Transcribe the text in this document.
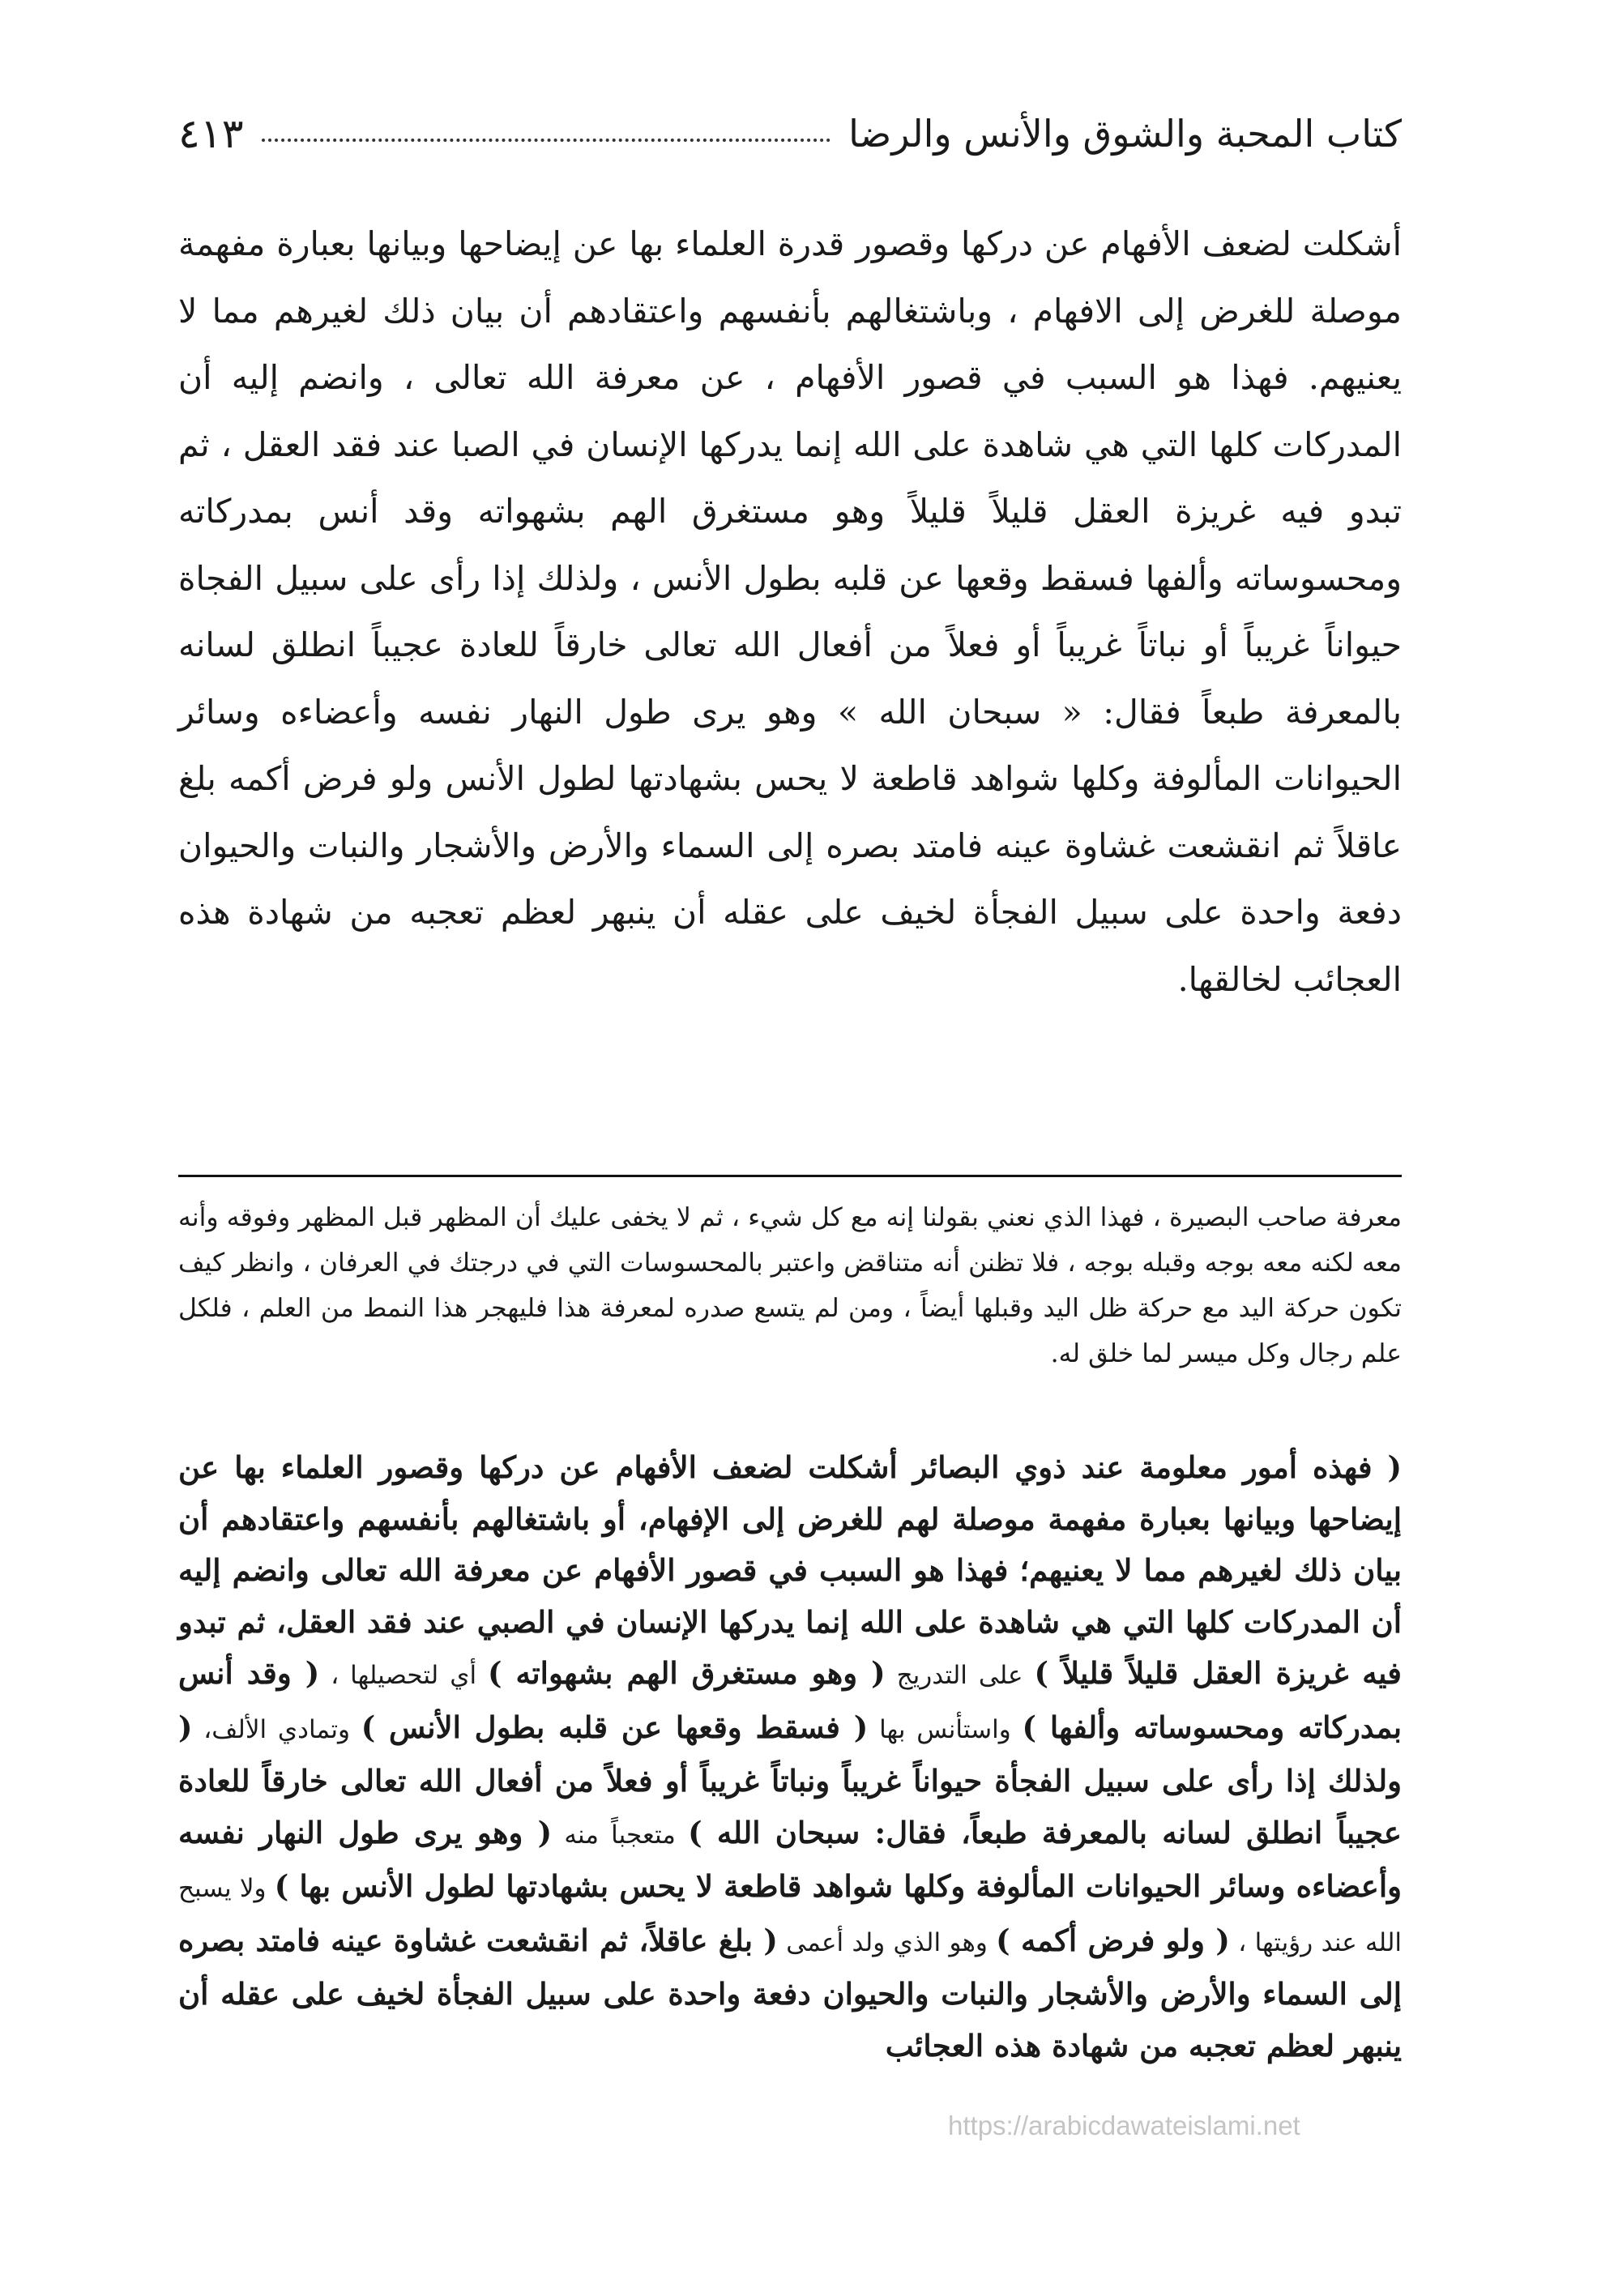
كتاب المحبة والشوق والأنس والرضا
٤١٣

أشكلت لضعف الأفهام عن دركها وقصور قدرة العلماء بها عن إيضاحها وبيانها بعبارة مفهمة موصلة للغرض إلى الافهام ، وباشتغالهم بأنفسهم واعتقادهم أن بيان ذلك لغيرهم مما لا يعنيهم. فهذا هو السبب في قصور الأفهام ، عن معرفة الله تعالى ، وانضم إليه أن المدركات كلها التي هي شاهدة على الله إنما يدركها الإنسان في الصبا عند فقد العقل ، ثم تبدو فيه غريزة العقل قليلاً قليلاً وهو مستغرق الهم بشهواته وقد أنس بمدركاته ومحسوساته وألفها فسقط وقعها عن قلبه بطول الأنس ، ولذلك إذا رأى على سبيل الفجاة حيواناً غريباً أو نباتاً غريباً أو فعلاً من أفعال الله تعالى خارقاً للعادة عجيباً انطلق لسانه بالمعرفة طبعاً فقال: « سبحان الله » وهو يرى طول النهار نفسه وأعضاءه وسائر الحيوانات المألوفة وكلها شواهد قاطعة لا يحس بشهادتها لطول الأنس ولو فرض أكمه بلغ عاقلاً ثم انقشعت غشاوة عينه فامتد بصره إلى السماء والأرض والأشجار والنبات والحيوان دفعة واحدة على سبيل الفجأة لخيف على عقله أن ينبهر لعظم تعجبه من شهادة هذه العجائب لخالقها.

معرفة صاحب البصيرة ، فهذا الذي نعني بقولنا إنه مع كل شيء ، ثم لا يخفى عليك أن المظهر قبل المظهر وفوقه وأنه معه لكنه معه بوجه وقبله بوجه ، فلا تظنن أنه متناقض واعتبر بالمحسوسات التي في درجتك في العرفان ، وانظر كيف تكون حركة اليد مع حركة ظل اليد وقبلها أيضاً ، ومن لم يتسع صدره لمعرفة هذا فليهجر هذا النمط من العلم ، فلكل علم رجال وكل ميسر لما خلق له.

( فهذه أمور معلومة عند ذوي البصائر أشكلت لضعف الأفهام عن دركها وقصور العلماء بها عن إيضاحها وبيانها بعبارة مفهمة موصلة لهم للغرض إلى الإفهام، أو باشتغالهم بأنفسهم واعتقادهم أن بيان ذلك لغيرهم مما لا يعنيهم؛ فهذا هو السبب في قصور الأفهام عن معرفة الله تعالى وانضم إليه أن المدركات كلها التي هي شاهدة على الله إنما يدركها الإنسان في الصبي عند فقد العقل، ثم تبدو فيه غريزة العقل قليلاً قليلاً ) على التدريج ( وهو مستغرق الهم بشهواته ) أي لتحصيلها ، ( وقد أنس بمدركاته ومحسوساته وألفها ) واستأنس بها ( فسقط وقعها عن قلبه بطول الأنس ) وتمادي الألف، ( ولذلك إذا رأى على سبيل الفجأة حيواناً غريباً ونباتاً غريباً أو فعلاً من أفعال الله تعالى خارقاً للعادة عجيباً انطلق لسانه بالمعرفة طبعاً، فقال: سبحان الله ) متعجباً منه ( وهو يرى طول النهار نفسه وأعضاءه وسائر الحيوانات المألوفة وكلها شواهد قاطعة لا يحس بشهادتها لطول الأنس بها ) ولا يسبح الله عند رؤيتها ، ( ولو فرض أكمه ) وهو الذي ولد أعمى ( بلغ عاقلاً، ثم انقشعت غشاوة عينه فامتد بصره إلى السماء والأرض والأشجار والنبات والحيوان دفعة واحدة على سبيل الفجأة لخيف على عقله أن ينبهر لعظم تعجبه من شهادة هذه العجائب

https://arabicdawateislami.net
